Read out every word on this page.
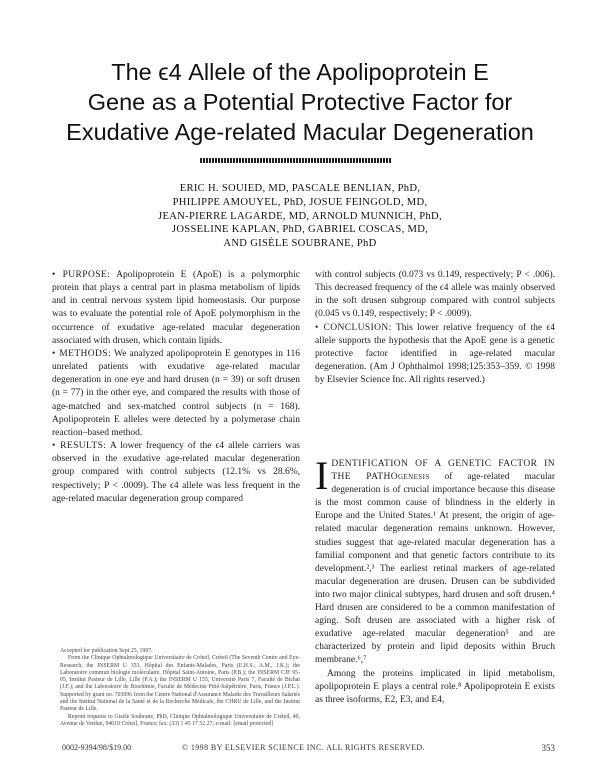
The ϵ4 Allele of the Apolipoprotein E
Gene as a Potential Protective Factor for
Exudative Age-related Macular Degeneration
ERIC H. SOUIED, MD, PASCALE BENLIAN, PhD,
PHILIPPE AMOUYEL, PhD, JOSUE FEINGOLD, MD,
JEAN-PIERRE LAGARDE, MD, ARNOLD MUNNICH, PhD,
JOSSELINE KAPLAN, PhD, GABRIEL COSCAS, MD,
AND GISÈLE SOUBRANE, PhD

• PURPOSE: Apolipoprotein E (ApoE) is a polymorphic protein that plays a central part in plasma metabolism of lipids and in central nervous system lipid homeostasis. Our purpose was to evaluate the potential role of ApoE polymorphism in the occurrence of exudative age-related macular degeneration associated with drusen, which contain lipids.

• METHODS: We analyzed apolipoprotein E genotypes in 116 unrelated patients with exudative age-related macular degeneration in one eye and hard drusen (n = 39) or soft drusen (n = 77) in the other eye, and compared the results with those of age-matched and sex-matched control subjects (n = 168). Apolipoprotein E alleles were detected by a polymerase chain reaction–based method.

• RESULTS: A lower frequency of the ϵ4 allele carriers was observed in the exudative age-related macular degeneration group compared with control subjects (12.1% vs 28.6%, respectively; P < .0009). The ϵ4 allele was less frequent in the age-related macular degeneration group compared

with control subjects (0.073 vs 0.149, respectively; P < .006). This decreased frequency of the ϵ4 allele was mainly observed in the soft drusen subgroup compared with control subjects (0.045 vs 0.149, respectively; P < .0009).

• CONCLUSION: This lower relative frequency of the ϵ4 allele supports the hypothesis that the ApoE gene is a genetic protective factor identified in age-related macular degeneration. (Am J Ophthalmol 1998;125:353–359. © 1998 by Elsevier Science Inc. All rights reserved.)

IDENTIFICATION OF A GENETIC FACTOR IN THE PATHOgenesis of age-related macular degeneration is of crucial importance because this disease is the most common cause of blindness in the elderly in Europe and the United States.¹ At present, the origin of age-related macular degeneration remains unknown. However, studies suggest that age-related macular degeneration has a familial component and that genetic factors contribute to its development.²,³ The earliest retinal markers of age-related macular degeneration are drusen. Drusen can be subdivided into two major clinical subtypes, hard drusen and soft drusen.⁴ Hard drusen are considered to be a common manifestation of aging. Soft drusen are associated with a higher risk of exudative age-related macular degeneration⁵ and are characterized by protein and lipid deposits within Bruch membrane.⁶,⁷
Among the proteins implicated in lipid metabolism, apolipoprotein E plays a central role.⁸ Apolipoprotein E exists as three isoforms, E2, E3, and E4,
Accepted for publication Sept 25, 1997.
From the Clinique Ophtalmologique Universitaire de Créteil, Créteil (The Seventh Centre and Eye-Research, the INSERM U 353, Hôpital des Enfants-Malades, Paris (E.H.S., A.M., J.K.); the Laboratoire commun biologie moléculaire, Hôpital Saint-Antoine, Paris (P.B.); the INSERM CJF 95-05, Institut Pasteur de Lille, Lille (P.A.); the INSERM U 155, Université Paris 7, Faculté de Bichat (J.F.); and the Laboratoire de Biochimie, Faculté de Médecine Pitié-Salpêtrière, Paris, France (J.P.L.). Supported by grant no. 703096 from the Centre National d'Assurance Maladie des Travailleurs Salariés and the Institut National de la Santé et de la Recherche Médicale, the CHRU de Lille, and the Institut Pasteur de Lille.
Reprint requests to Gisèle Soubrane, PhD, Clinique Ophtalmologique Universitaire de Créteil, 40, Avenue de Verdun, 94010 Créteil, France; fax: (33) 1 45 17 52 27; e-mail: [email protected]
0002-9394/98/$19.00	© 1998 BY ELSEVIER SCIENCE INC. ALL RIGHTS RESERVED.	353
